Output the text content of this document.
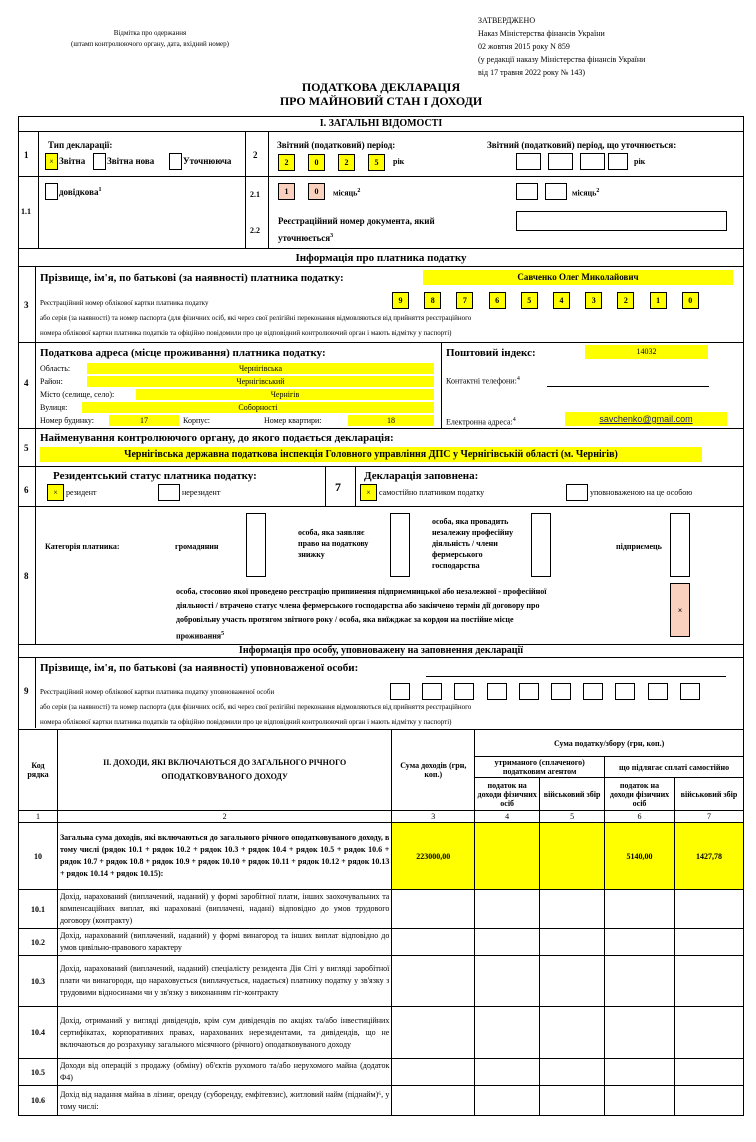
Відмітка про одержання
(штамп контролюючого органу, дата, вхідний номер)
ЗАТВЕРДЖЕНО
Наказ Міністерства фінансів України
02 жовтня 2015 року N 859
(у редакції наказу Міністерства фінансів України
від 17 травня 2022 року № 143)
ПОДАТКОВА ДЕКЛАРАЦІЯ
ПРО МАЙНОВИЙ СТАН І ДОХОДИ
І. ЗАГАЛЬНІ ВІДОМОСТІ
1
Тип декларації:
× Звітна Звітна нова	Уточнююча
2
Звітний (податковий) період:
2	0	2	5	рік
Звітний (податковий) період, що уточнюється:
рік
1.1
довідкова$^1$	2.1	1	0	місяць$^2$	місяць$^2$
2.2
Реєстраційний номер документа, який
уточнюється$^3$
Інформація про платника податку
3
Прізвище, ім'я, по батькові (за наявності) платника податку:	Савченко Олег Миколайович
Реєстраційний номер облікової картки платника податку
або серія (за наявності) та номер паспорта (для фізичних осіб, які через свої релігійні переконання відмовляються від прийняття реєстраційного
номера облікової картки платника податків та офіційно повідомили про це відповідний контролюючий орган і мають відмітку у паспорті)
9	8	7	6	5	4	3	2	1	0
4
Податкова адреса (місце проживання) платника податку:
Область:	Чернігівська
Район:	Чернігівський
Місто (селище, село):	Чернігів
Вулиця:	Соборності
Номер будинку:	17	Корпус:	Номер квартири:	18
Поштовий індекс:	14032
Контактні телефони:$^4$
Електронна адреса:$^4$	savchenko@gmail.com
5
Найменування контролюючого органу, до якого подається декларація:
Чернігівська державна податкова інспекція Головного управління ДПС у Чернігівській області (м. Чернігів)
6
Резидентський статус платника податку:
×	резидент	нерезидент	7
Декларація заповнена:
×	самостійно платником податку	уповноваженою на це особою
8
Категорія платника:	громадянин
особа, яка заявляє
право на податкову
знижку
особа, яка провадить
незалежну професійну
діяльність / члени
фермерського
господарства
підприємець
особа, стосовно якої проведено реєстрацію припинення підприємницької або незалежної - професійної
діяльності / втрачено статус члена фермерського господарства або закінчено термін дії договору про
добровільну участь протягом звітного року / особа, яка виїжджає за кордон на постійне місце
проживання$^5$
×
Інформація про особу, уповноважену на заповнення декларації
9
Прізвище, ім'я, по батькові (за наявності) уповноваженої особи:
Реєстраційний номер облікової картки платника податку уповноваженої особи
або серія (за наявності) та номер паспорта (для фізичних осіб, які через свої релігійні переконання відмовляються від прийняття реєстраційного
номера облікової картки платника податків та офіційно повідомили про це відповідний контролюючий орган і мають відмітку у паспорті)
Код рядка	ІІ. ДОХОДИ, ЯКІ ВКЛЮЧАЮТЬСЯ ДО ЗАГАЛЬНОГО РІЧНОГО ОПОДАТКОВУВАНОГО ДОХОДУ	Сума доходів (грн, коп.)	Сума податку/збору (грн, коп.)			
			утриманого (сплаченого) податковим агентом		що підлягає сплаті самостійно	
			податок на доходи фізичних осіб	військовий збір	податок на доходи фізичних осіб	військовий збір
1	2	3	4	5	6	7
10	Загальна сума доходів, які включаються до загального річного оподатковуваного доходу, в тому числі (рядок 10.1 + рядок 10.2 + рядок 10.3 + рядок 10.4 + рядок 10.5 + рядок 10.6 + рядок 10.7 + рядок 10.8 + рядок 10.9 + рядок 10.10 + рядок 10.11 + рядок 10.12 + рядок 10.13 + рядок 10.14 + рядок 10.15):	223000,00			5140,00	1427,78
10.1	Дохід, нарахований (виплачений, наданий) у формі заробітної плати, інших заохочувальних та компенсаційних виплат, які нараховані (виплачені, надані) відповідно до умов трудового договору (контракту)					
10.2	Дохід, нарахований (виплачений, наданий) у формі винагород та інших виплат відповідно до умов цивільно-правового характеру					
10.3	Дохід, нарахований (виплачений, наданий) спеціалісту резидента Дія Сіті у вигляді заробітної плати чи винагороди, що нараховується (виплачується, надається) платнику податку у зв'язку з трудовими відносинами чи у зв'язку з виконанням гіг-контракту					
10.4	Дохід, отриманий у вигляді дивідендів, крім сум дивідендів по акціях та/або інвестиційних сертифікатах, корпоративних правах, нарахованих нерезидентами, та дивідендів, що не включаються до розрахунку загального місячного (річного) оподатковуваного доходу					
10.5	Доходи від операцій з продажу (обміну) об'єктів рухомого та/або нерухомого майна (додаток Ф4)					
10.6	Дохід від надання майна в лізинг, оренду (суборенду, емфітевзис), житловий найм (піднайм)⁶, у тому числі:					
